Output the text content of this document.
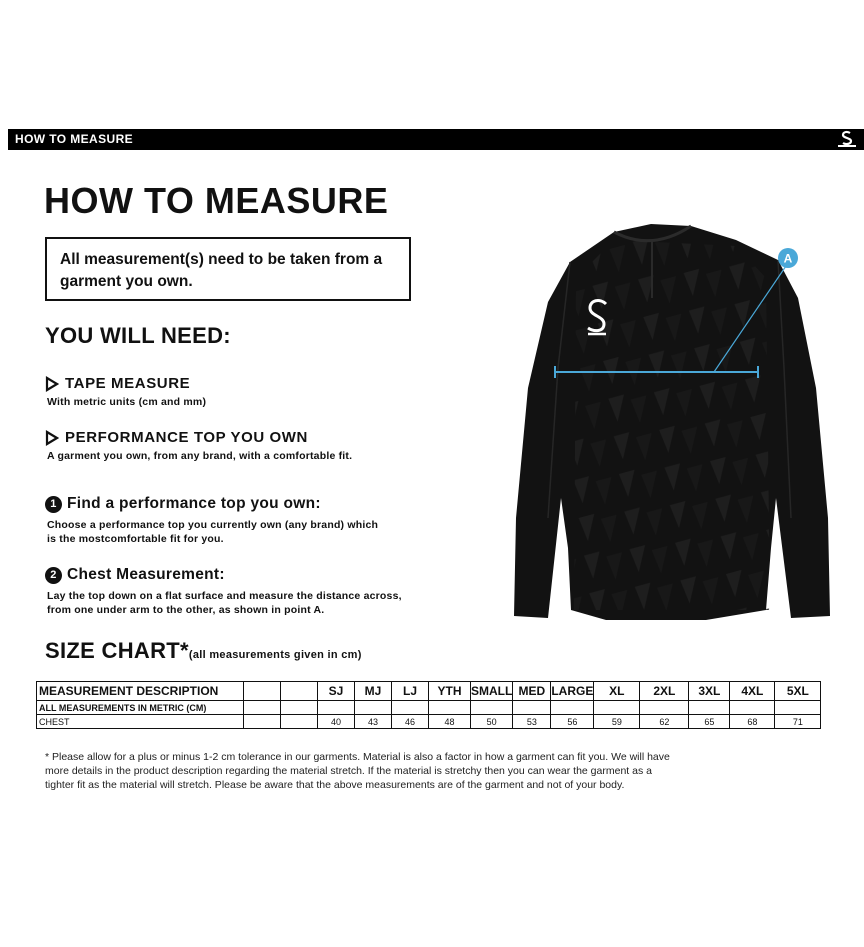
HOW TO MEASURE
HOW TO MEASURE

All measurement(s) need to be taken from a garment you own.

YOU WILL NEED:
TAPE MEASURE
With metric units (cm and mm)
PERFORMANCE TOP YOU OWN
A garment you own, from any brand, with a comfortable fit.
1 Find a performance top you own:
Choose a performance top you currently own (any brand) which
is the mostcomfortable fit for you.
2 Chest Measurement:
Lay the top down on a flat surface and measure the distance across,
from one under arm to the other, as shown in point A.
SIZE CHART*(all measurements given in cm)
MEASUREMENT DESCRIPTION			SJ	MJ	LJ	YTH	SMALL	MED	LARGE	XL	2XL	3XL	4XL	5XL
ALL MEASUREMENTS IN METRIC (CM)														
CHEST			40	43	46	48	50	53	56	59	62	65	68	71
* Please allow for a plus or minus 1-2 cm tolerance in our garments. Material is also a factor in how a garment can fit you. We will have
more details in the product description regarding the material stretch. If the material is stretchy then you can wear the garment as a
tighter fit as the material will stretch. Please be aware that the above measurements are of the garment and not of your body.
A
